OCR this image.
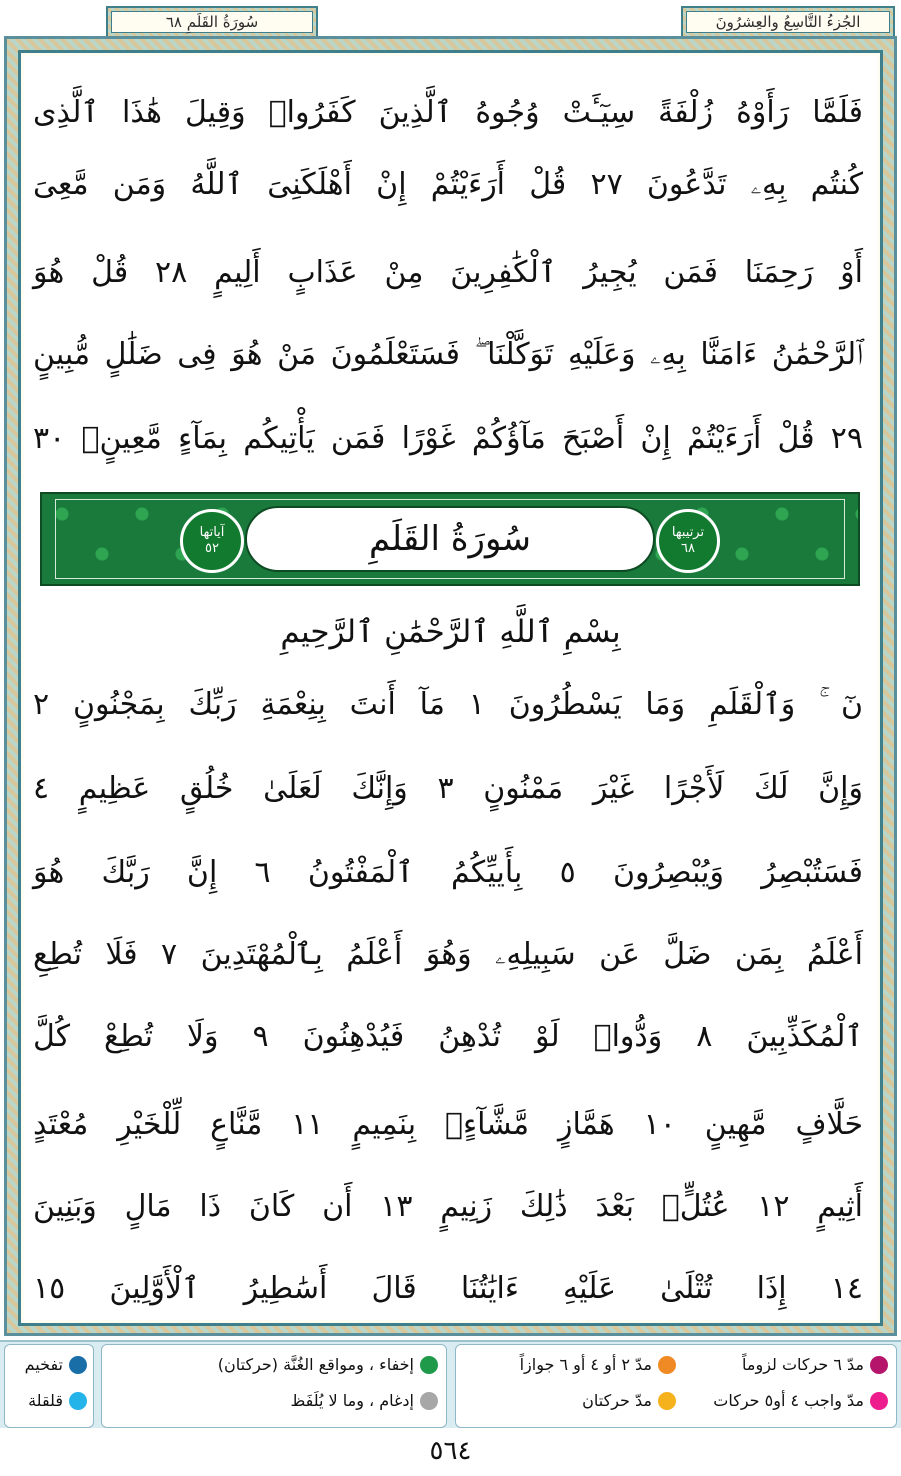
سُورَةُ القَلَمِ ٦٨	الجُزءُ التَّاسِعُ والعِشرُونَ
فَلَمَّا رَأَوْهُ زُلْفَةً سِيٓـَٔتْ وُجُوهُ ٱلَّذِينَ كَفَرُوا۟ وَقِيلَ هَٰذَا ٱلَّذِى
كُنتُم بِهِۦ تَدَّعُونَ ٢٧ قُلْ أَرَءَيْتُمْ إِنْ أَهْلَكَنِىَ ٱللَّهُ وَمَن مَّعِىَ
أَوْ رَحِمَنَا فَمَن يُجِيرُ ٱلْكَٰفِرِينَ مِنْ عَذَابٍ أَلِيمٍ ٢٨ قُلْ هُوَ
ٱلرَّحْمَٰنُ ءَامَنَّا بِهِۦ وَعَلَيْهِ تَوَكَّلْنَا ۖ فَسَتَعْلَمُونَ مَنْ هُوَ فِى ضَلَٰلٍ مُّبِينٍ
٢٩ قُلْ أَرَءَيْتُمْ إِنْ أَصْبَحَ مَآؤُكُمْ غَوْرًا فَمَن يَأْتِيكُم بِمَآءٍ مَّعِينٍۭ ٣٠
آياتها
٥٢	سُورَةُ القَلَمِ	ترتيبها
٦٨
بِسْمِ ٱللَّهِ ٱلرَّحْمَٰنِ ٱلرَّحِيمِ
نٓ ۚ وَٱلْقَلَمِ وَمَا يَسْطُرُونَ ١ مَآ أَنتَ بِنِعْمَةِ رَبِّكَ بِمَجْنُونٍ ٢
وَإِنَّ لَكَ لَأَجْرًا غَيْرَ مَمْنُونٍ ٣ وَإِنَّكَ لَعَلَىٰ خُلُقٍ عَظِيمٍ ٤
فَسَتُبْصِرُ وَيُبْصِرُونَ ٥ بِأَييِّكُمُ ٱلْمَفْتُونُ ٦ إِنَّ رَبَّكَ هُوَ
أَعْلَمُ بِمَن ضَلَّ عَن سَبِيلِهِۦ وَهُوَ أَعْلَمُ بِٱلْمُهْتَدِينَ ٧ فَلَا تُطِعِ
ٱلْمُكَذِّبِينَ ٨ وَدُّوا۟ لَوْ تُدْهِنُ فَيُدْهِنُونَ ٩ وَلَا تُطِعْ كُلَّ
حَلَّافٍ مَّهِينٍ ١٠ هَمَّازٍ مَّشَّآءٍۭ بِنَمِيمٍ ١١ مَّنَّاعٍ لِّلْخَيْرِ مُعْتَدٍ
أَثِيمٍ ١٢ عُتُلٍّۭ بَعْدَ ذَٰلِكَ زَنِيمٍ ١٣ أَن كَانَ ذَا مَالٍ وَبَنِينَ
١٤ إِذَا تُتْلَىٰ عَلَيْهِ ءَايَٰتُنَا قَالَ أَسَٰطِيرُ ٱلْأَوَّلِينَ ١٥
مدّ ٦ حركات لزوماً
مدّ ٢ أو ٤ أو ٦ جوازاً
مدّ واجب ٤ أو٥ حركات
مدّ حركتان
إخفاء ، ومواقع الغُنَّة (حركتان)
إدغام ، وما لا يُلَفَظ
تفخيم
قلقلة
٥٦٤
